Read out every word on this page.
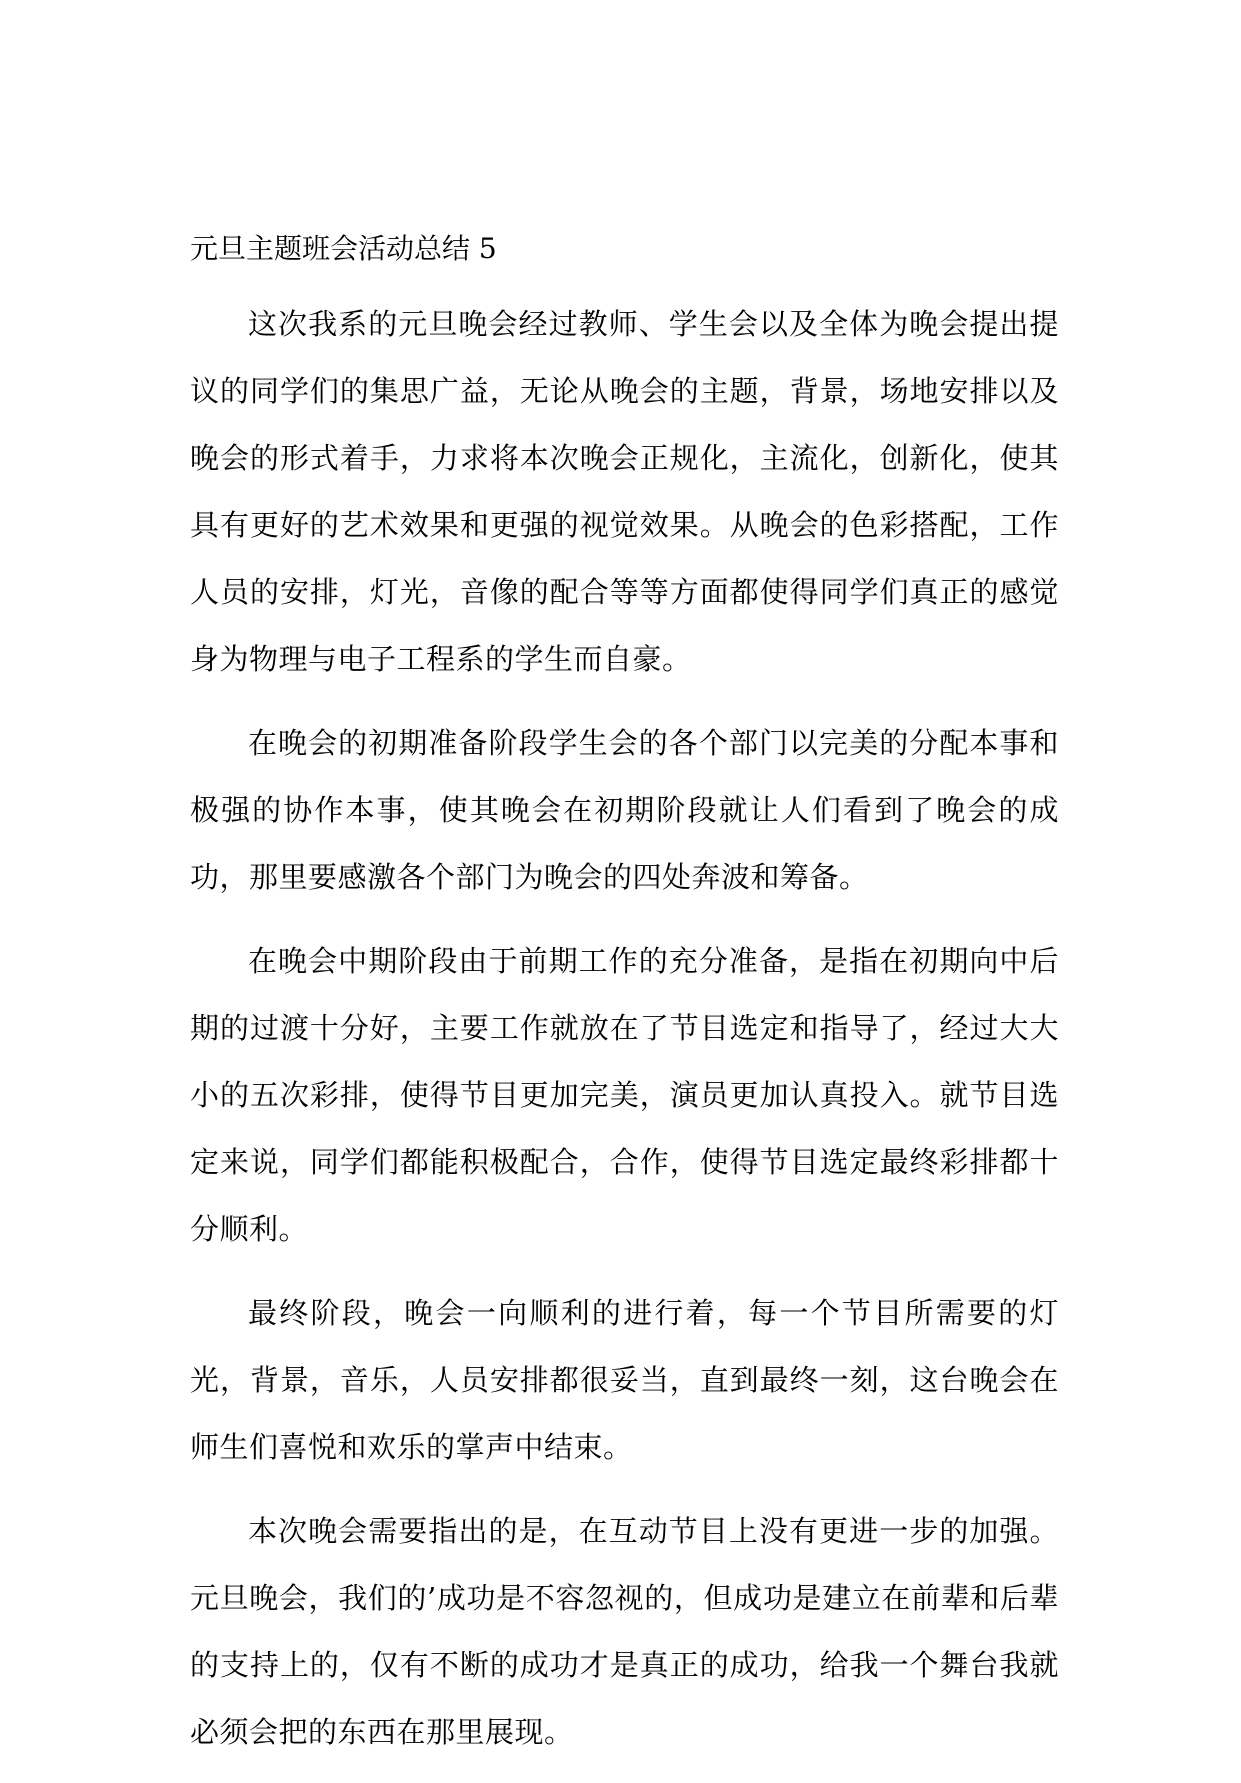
元旦主题班会活动总结 5

这次我系的元旦晚会经过教师、学生会以及全体为晚会提出提议的同学们的集思广益，无论从晚会的主题，背景，场地安排以及晚会的形式着手，力求将本次晚会正规化，主流化，创新化，使其具有更好的艺术效果和更强的视觉效果。从晚会的色彩搭配，工作人员的安排，灯光，音像的配合等等方面都使得同学们真正的感觉身为物理与电子工程系的学生而自豪。

在晚会的初期准备阶段学生会的各个部门以完美的分配本事和极强的协作本事，使其晚会在初期阶段就让人们看到了晚会的成功，那里要感激各个部门为晚会的四处奔波和筹备。

在晚会中期阶段由于前期工作的充分准备，是指在初期向中后期的过渡十分好，主要工作就放在了节目选定和指导了，经过大大小的五次彩排，使得节目更加完美，演员更加认真投入。就节目选定来说，同学们都能积极配合，合作，使得节目选定最终彩排都十分顺利。

最终阶段，晚会一向顺利的进行着，每一个节目所需要的灯光，背景，音乐，人员安排都很妥当，直到最终一刻，这台晚会在师生们喜悦和欢乐的掌声中结束。

本次晚会需要指出的是，在互动节目上没有更进一步的加强。元旦晚会，我们的’成功是不容忽视的，但成功是建立在前辈和后辈的支持上的，仅有不断的成功才是真正的成功，给我一个舞台我就必须会把的东西在那里展现。
